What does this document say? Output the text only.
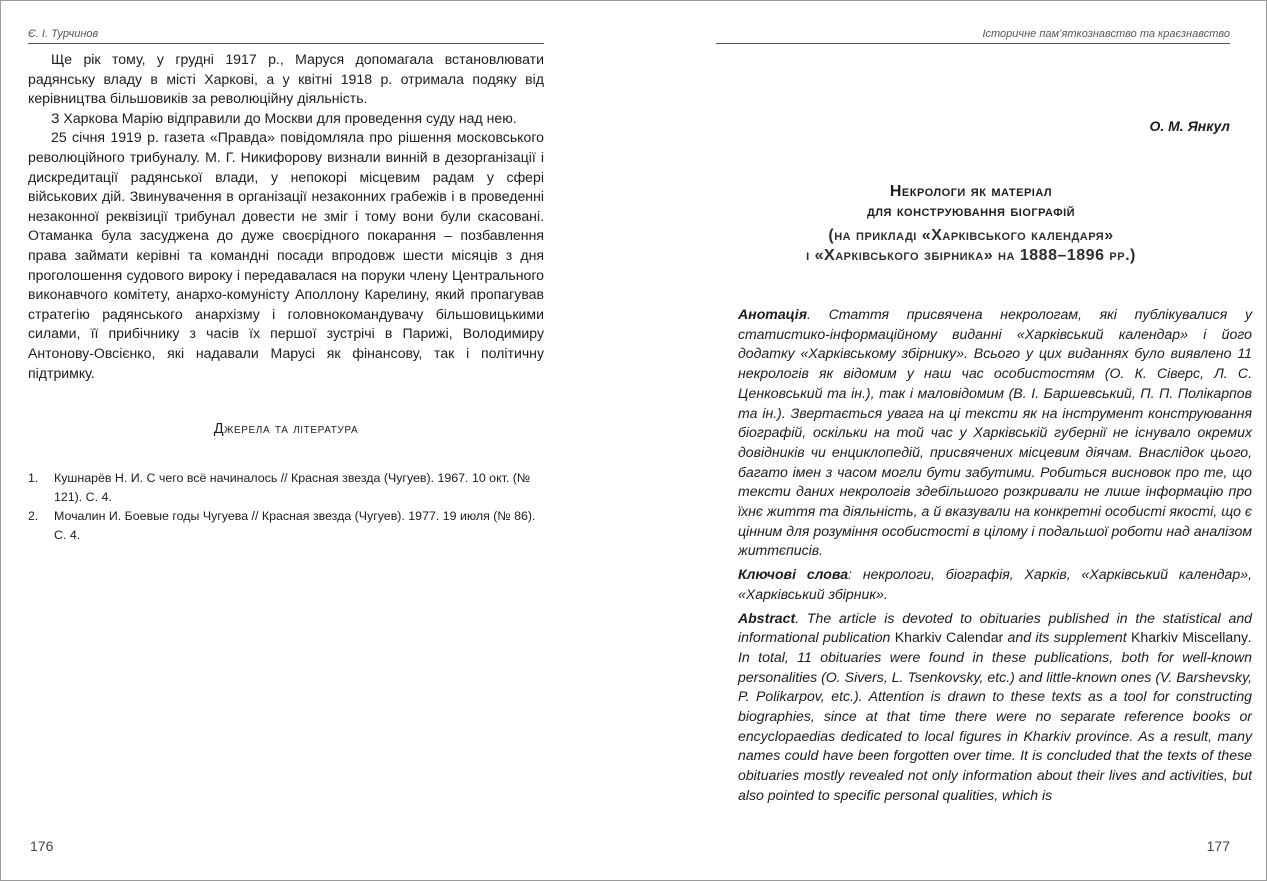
Є. І. Турчинов

Ще рік тому, у грудні 1917 р., Маруся допомагала встановлювати радянську владу в місті Харкові, а у квітні 1918 р. отримала подяку від керівництва більшовиків за революційну діяльність.

З Харкова Марію відправили до Москви для проведення суду над нею.

25 січня 1919 р. газета «Правда» повідомляла про рішення московського революційного трибуналу. М. Г. Никифорову визнали винній в дезорганізації і дискредитації радянської влади, у непокорі місцевим радам у сфері військових дій. Звинувачення в організації незаконних грабежів і в проведенні незаконної реквізиції трибунал довести не зміг і тому вони були скасовані. Отаманка була засуджена до дуже своєрідного покарання – позбавлення права займати керівні та командні посади впродовж шести місяців з дня проголошення судового вироку і передавалася на поруки члену Центрального виконавчого комітету, анархо-комуністу Аполлону Карелину, який пропагував стратегію радянського анархізму і головнокомандувачу більшовицькими силами, її прибічнику з часів їх першої зустрічі в Парижі, Володимиру Антонову-Овсієнко, які надавали Марусі як фінансову, так і політичну підтримку.

Джерела та література
1. Кушнарёв Н. И. С чего всё начиналось // Красная звезда (Чугуев). 1967. 10 окт. (№ 121). С. 4.
2. Мочалин И. Боевые годы Чугуева // Красная звезда (Чугуев). 1977. 19 июля (№ 86). С. 4.
176
Історичне пам’яткознавство та краєзнавство
О. М. Янкул
Некрологи як матеріал
для конструювання біографій
(на прикладі «Харківського календаря»
і «Харківського збірника» на 1888–1896 рр.)

Анотація. Стаття присвячена некрологам, які публікувалися у статистико-інформаційному виданні «Харківський календар» і його додатку «Харківському збірнику». Всього у цих виданнях було виявлено 11 некрологів як відомим у наш час особистостям (О. К. Сіверс, Л. С. Ценковський та ін.), так і маловідомим (В. І. Баршевський, П. П. Полікарпов та ін.). Звертається увага на ці тексти як на інструмент конструювання біографій, оскільки на той час у Харківській губернії не існувало окремих довідників чи енциклопедій, присвячених місцевим діячам. Внаслідок цього, багато імен з часом могли бути забутими. Робиться висновок про те, що тексти даних некрологів здебільшого розкривали не лише інформацію про їхнє життя та діяльність, а й вказували на конкретні особисті якості, що є цінним для розуміння особистості в цілому і подальшої роботи над аналізом життєписів.

Ключові слова: некрологи, біографія, Харків, «Харківський календар», «Харківський збірник».

Abstract. The article is devoted to obituaries published in the statistical and informational publication Kharkiv Calendar and its supplement Kharkiv Miscellany. In total, 11 obituaries were found in these publications, both for well-known personalities (O. Sivers, L. Tsenkovsky, etc.) and little-known ones (V. Barshevsky, P. Polikarpov, etc.). Attention is drawn to these texts as a tool for constructing biographies, since at that time there were no separate reference books or encyclopaedias dedicated to local figures in Kharkiv province. As a result, many names could have been forgotten over time. It is concluded that the texts of these obituaries mostly revealed not only information about their lives and activities, but also pointed to specific personal qualities, which is

177
